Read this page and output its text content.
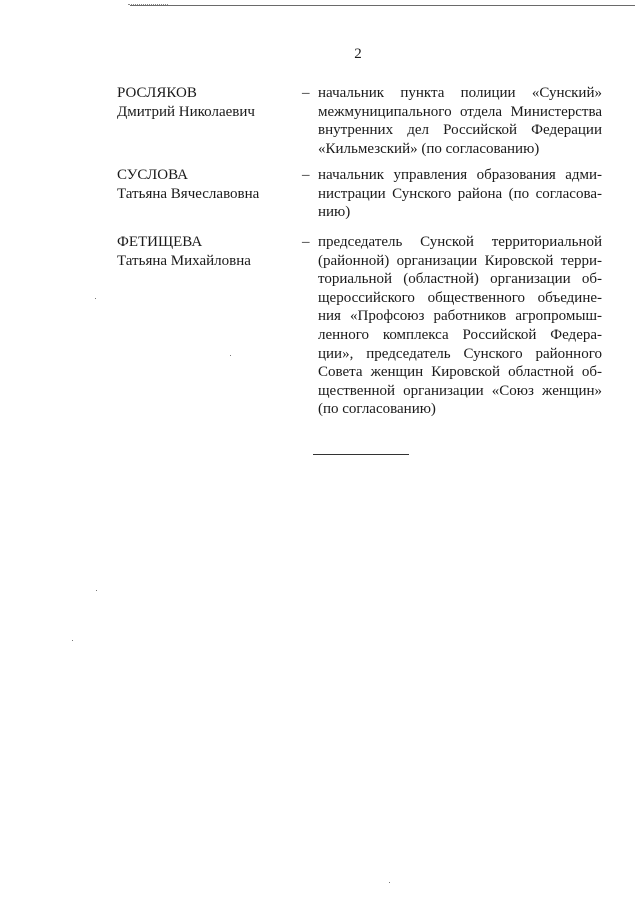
2
РОСЛЯКОВ
Дмитрий Николаевич
– начальник пункта полиции «Сунский»
межмуниципального отдела Министерства
внутренних дел Российской Федерации
«Кильмезский» (по согласованию)
СУСЛОВА
Татьяна Вячеславовна
– начальник управления образования адми-
нистрации Сунского района (по согласова-
нию)
ФЕТИЩЕВА
Татьяна Михайловна
– председатель Сунской территориальной
(районной) организации Кировской терри-
ториальной (областной) организации об-
щероссийского общественного объедине-
ния «Профсоюз работников агропромыш-
ленного комплекса Российской Федера-
ции», председатель Сунского районного
Совета женщин Кировской областной об-
щественной организации «Союз женщин»
(по согласованию)
